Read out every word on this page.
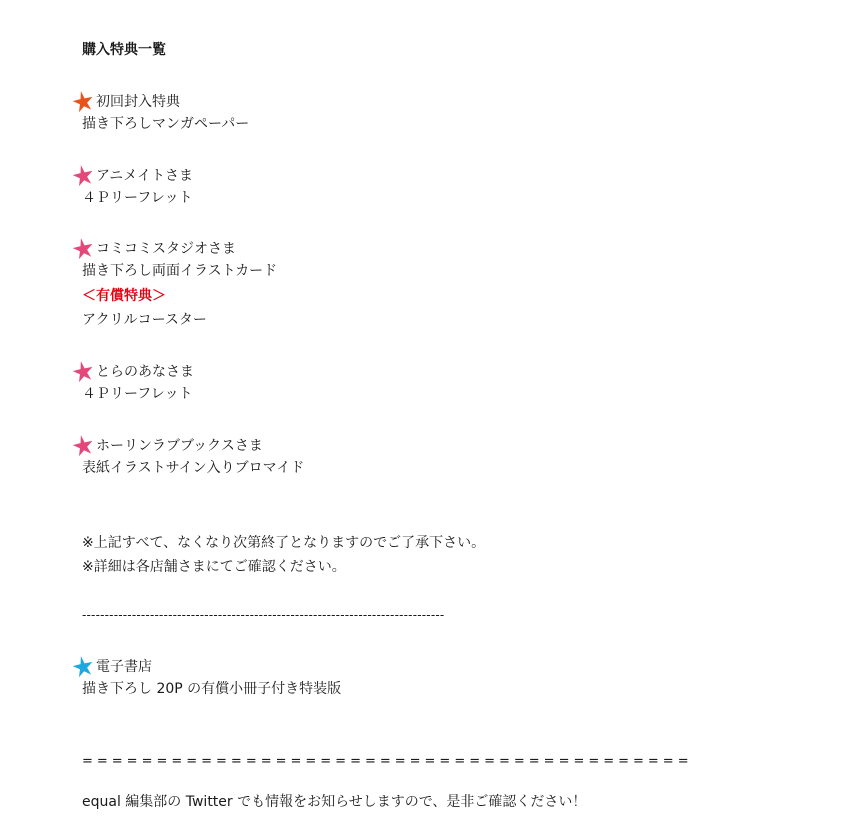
購入特典一覧
初回封入特典
描き下ろしマンガペーパー
アニメイトさま
４Ｐリーフレット
コミコミスタジオさま
描き下ろし両面イラストカード
＜有償特典＞
アクリルコースター
とらのあなさま
４Ｐリーフレット
ホーリンラブブックスさま
表紙イラストサイン入りブロマイド
※上記すべて、なくなり次第終了となりますのでご了承下さい。
※詳細は各店舗さまにてご確認ください。
--------------------------------------------------------------------------------
電子書店
描き下ろし 20P の有償小冊子付き特装版
=========================================
equal 編集部の Twitter でも情報をお知らせしますので、是非ご確認ください！
